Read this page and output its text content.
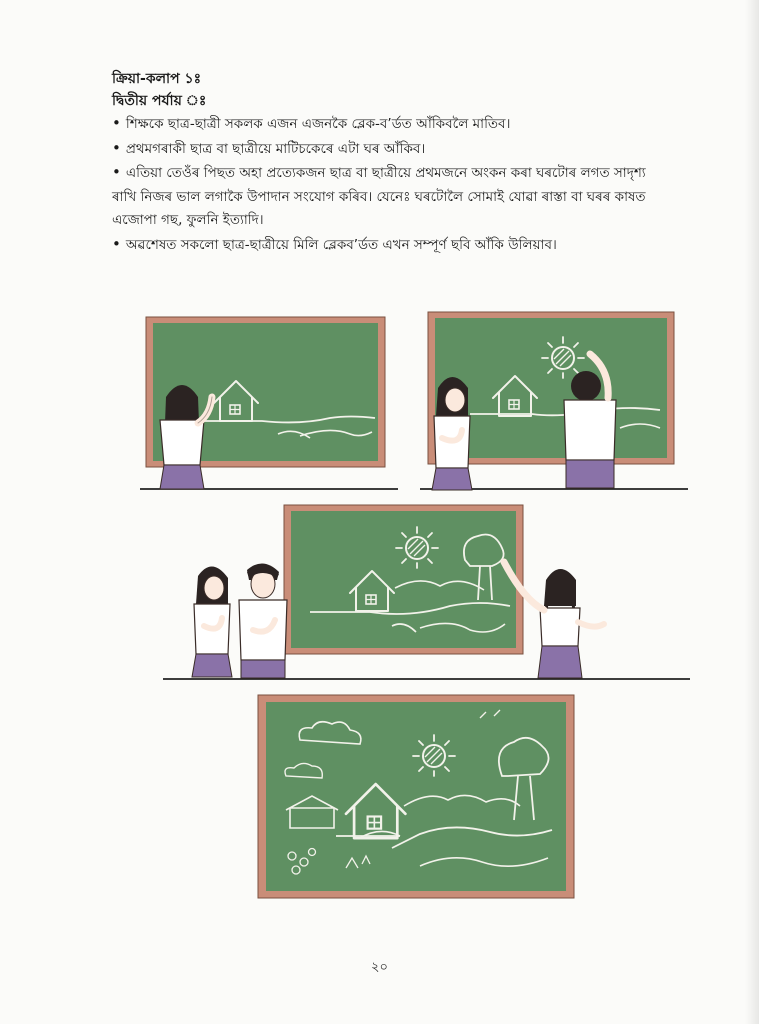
ক্ৰিয়া-কলাপ ১ঃ
দ্বিতীয় পৰ্যায় ঃ
• শিক্ষকে ছাত্ৰ-ছাত্ৰী সকলক এজন এজনকৈ ব্লেক-ব’ৰ্ডত আঁকিবলৈ মাতিব।
• প্ৰথমগৰাকী ছাত্ৰ বা ছাত্ৰীয়ে মাটিচকেৰে এটা ঘৰ আঁকিব।
• এতিয়া তেওঁৰ পিছত অহা প্ৰত্যেকজন ছাত্ৰ বা ছাত্ৰীয়ে প্ৰথমজনে অংকন কৰা ঘৰটোৰ লগত সাদৃশ্য ৰাখি নিজৰ ভাল লগাকৈ উপাদান সংযোগ কৰিব। যেনেঃ ঘৰটোলৈ সোমাই যোৱা ৰাস্তা বা ঘৰৰ কাষত এজোপা গছ, ফুলনি ইত্যাদি।
• অৱশেষত সকলো ছাত্ৰ-ছাত্ৰীয়ে মিলি ব্লেকব’ৰ্ডত এখন সম্পূৰ্ণ ছবি আঁকি উলিয়াব।
২০
